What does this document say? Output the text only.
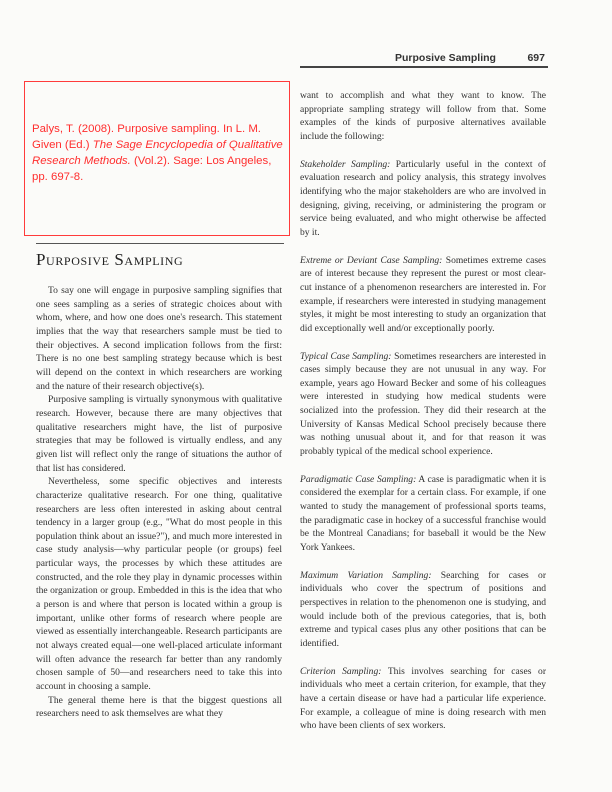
Purposive Sampling	697
Palys, T. (2008). Purposive sampling. In L. M. Given (Ed.) The Sage Encyclopedia of Qualitative Research Methods. (Vol.2). Sage: Los Angeles, pp. 697-8.
Purposive Sampling

To say one will engage in purposive sampling signifies that one sees sampling as a series of strategic choices about with whom, where, and how one does one's research. This statement implies that the way that researchers sample must be tied to their objectives. A second implication follows from the first: There is no one best sampling strategy because which is best will depend on the context in which researchers are working and the nature of their research objective(s).

Purposive sampling is virtually synonymous with qualitative research. However, because there are many objectives that qualitative researchers might have, the list of purposive strategies that may be followed is virtually endless, and any given list will reflect only the range of situations the author of that list has considered.

Nevertheless, some specific objectives and interests characterize qualitative research. For one thing, qualitative researchers are less often interested in asking about central tendency in a larger group (e.g., "What do most people in this population think about an issue?"), and much more interested in case study analysis—why particular people (or groups) feel particular ways, the processes by which these attitudes are constructed, and the role they play in dynamic processes within the organization or group. Embedded in this is the idea that who a person is and where that person is located within a group is important, unlike other forms of research where people are viewed as essentially interchangeable. Research participants are not always created equal—one well-placed articulate informant will often advance the research far better than any randomly chosen sample of 50—and researchers need to take this into account in choosing a sample.

The general theme here is that the biggest questions all researchers need to ask themselves are what they

want to accomplish and what they want to know. The appropriate sampling strategy will follow from that. Some examples of the kinds of purposive alternatives available include the following:

Stakeholder Sampling: Particularly useful in the context of evaluation research and policy analysis, this strategy involves identifying who the major stakeholders are who are involved in designing, giving, receiving, or administering the program or service being evaluated, and who might otherwise be affected by it.

Extreme or Deviant Case Sampling: Sometimes extreme cases are of interest because they represent the purest or most clear-cut instance of a phenomenon researchers are interested in. For example, if researchers were interested in studying management styles, it might be most interesting to study an organization that did exceptionally well and/or exceptionally poorly.

Typical Case Sampling: Sometimes researchers are interested in cases simply because they are not unusual in any way. For example, years ago Howard Becker and some of his colleagues were interested in studying how medical students were socialized into the profession. They did their research at the University of Kansas Medical School precisely because there was nothing unusual about it, and for that reason it was probably typical of the medical school experience.

Paradigmatic Case Sampling: A case is paradigmatic when it is considered the exemplar for a certain class. For example, if one wanted to study the management of professional sports teams, the paradigmatic case in hockey of a successful franchise would be the Montreal Canadians; for baseball it would be the New York Yankees.

Maximum Variation Sampling: Searching for cases or individuals who cover the spectrum of positions and perspectives in relation to the phenomenon one is studying, and would include both of the previous categories, that is, both extreme and typical cases plus any other positions that can be identified.

Criterion Sampling: This involves searching for cases or individuals who meet a certain criterion, for example, that they have a certain disease or have had a particular life experience. For example, a colleague of mine is doing research with men who have been clients of sex workers.
